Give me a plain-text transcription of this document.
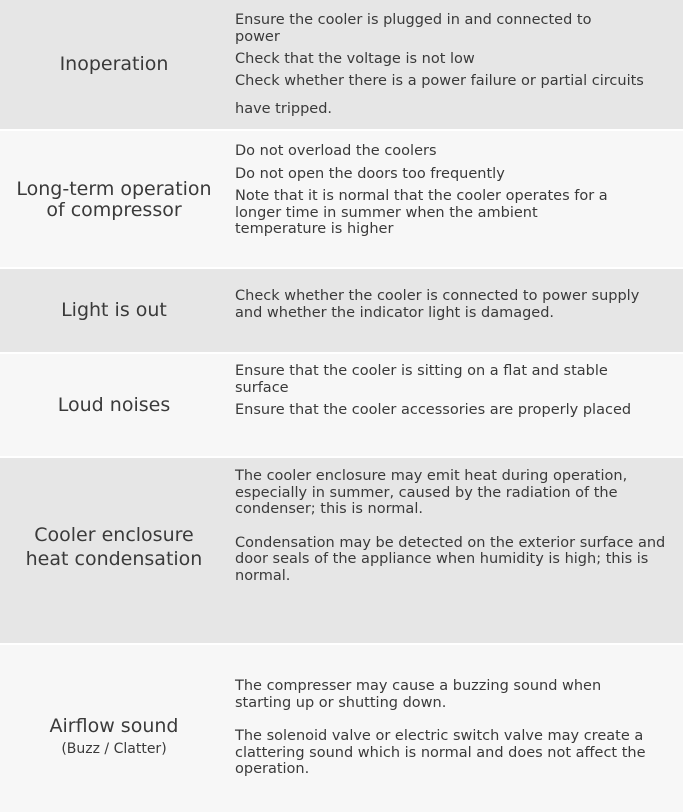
Inoperation

Ensure the cooler is plugged in and connected to power

Check that the voltage is not low

Check whether there is a power failure or partial circuits have tripped.

Long-term operation of compressor

Do not overload the coolers

Do not open the doors too frequently

Note that it is normal that the cooler operates for a longer time in summer when the ambient temperature is higher

Light is out

Check whether the cooler is connected to power supply and whether the indicator light is damaged.

Loud noises

Ensure that the cooler is sitting on a flat and stable surface

Ensure that the cooler accessories are properly placed

Cooler enclosure heat condensation

The cooler enclosure may emit heat during operation, especially in summer, caused by the radiation of the condenser; this is normal.

Condensation may be detected on the exterior surface and door seals of the appliance when humidity is high; this is normal.

Airflow sound
(Buzz / Clatter)

The compresser may cause a buzzing sound when starting up or shutting down.

The solenoid valve or electric switch valve may create a clattering sound which is normal and does not affect the operation.
